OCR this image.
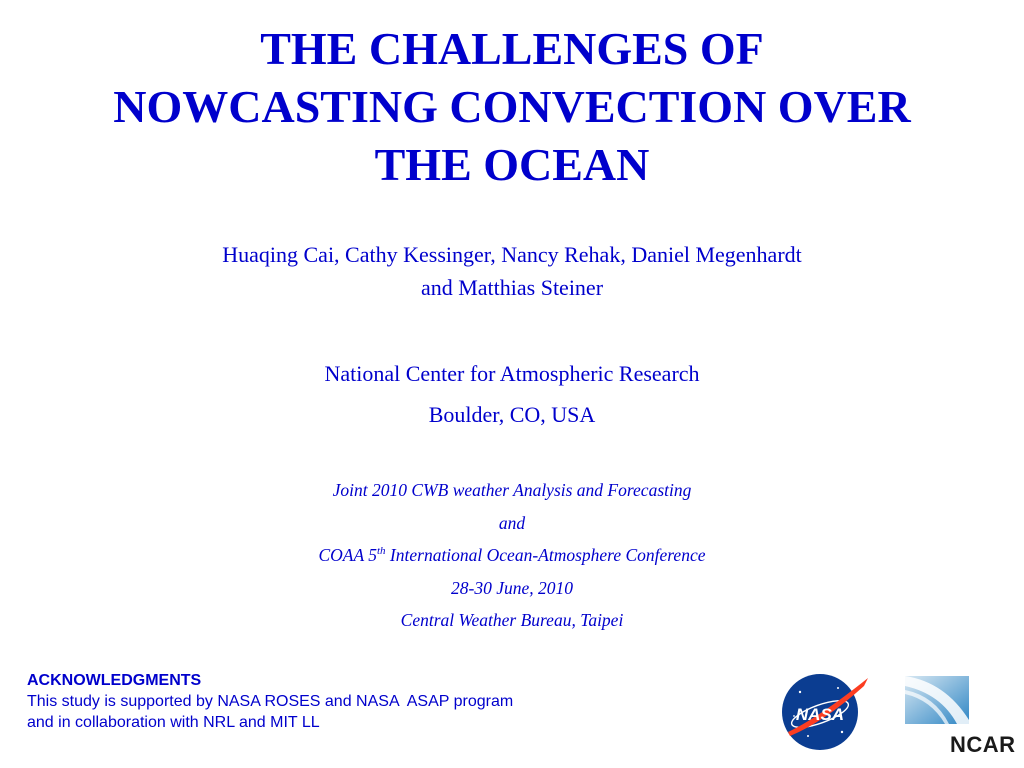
THE CHALLENGES OF
NOWCASTING CONVECTION OVER
THE OCEAN
Huaqing Cai, Cathy Kessinger, Nancy Rehak, Daniel Megenhardt
and Matthias Steiner
National Center for Atmospheric Research
Boulder, CO, USA
Joint 2010 CWB weather Analysis and Forecasting
and
COAA 5th International Ocean-Atmosphere Conference
28-30 June, 2010
Central Weather Bureau, Taipei
ACKNOWLEDGMENTS
This study is supported by NASA ROSES and NASA  ASAP program
and in collaboration with NRL and MIT LL	NASA
NCAR
